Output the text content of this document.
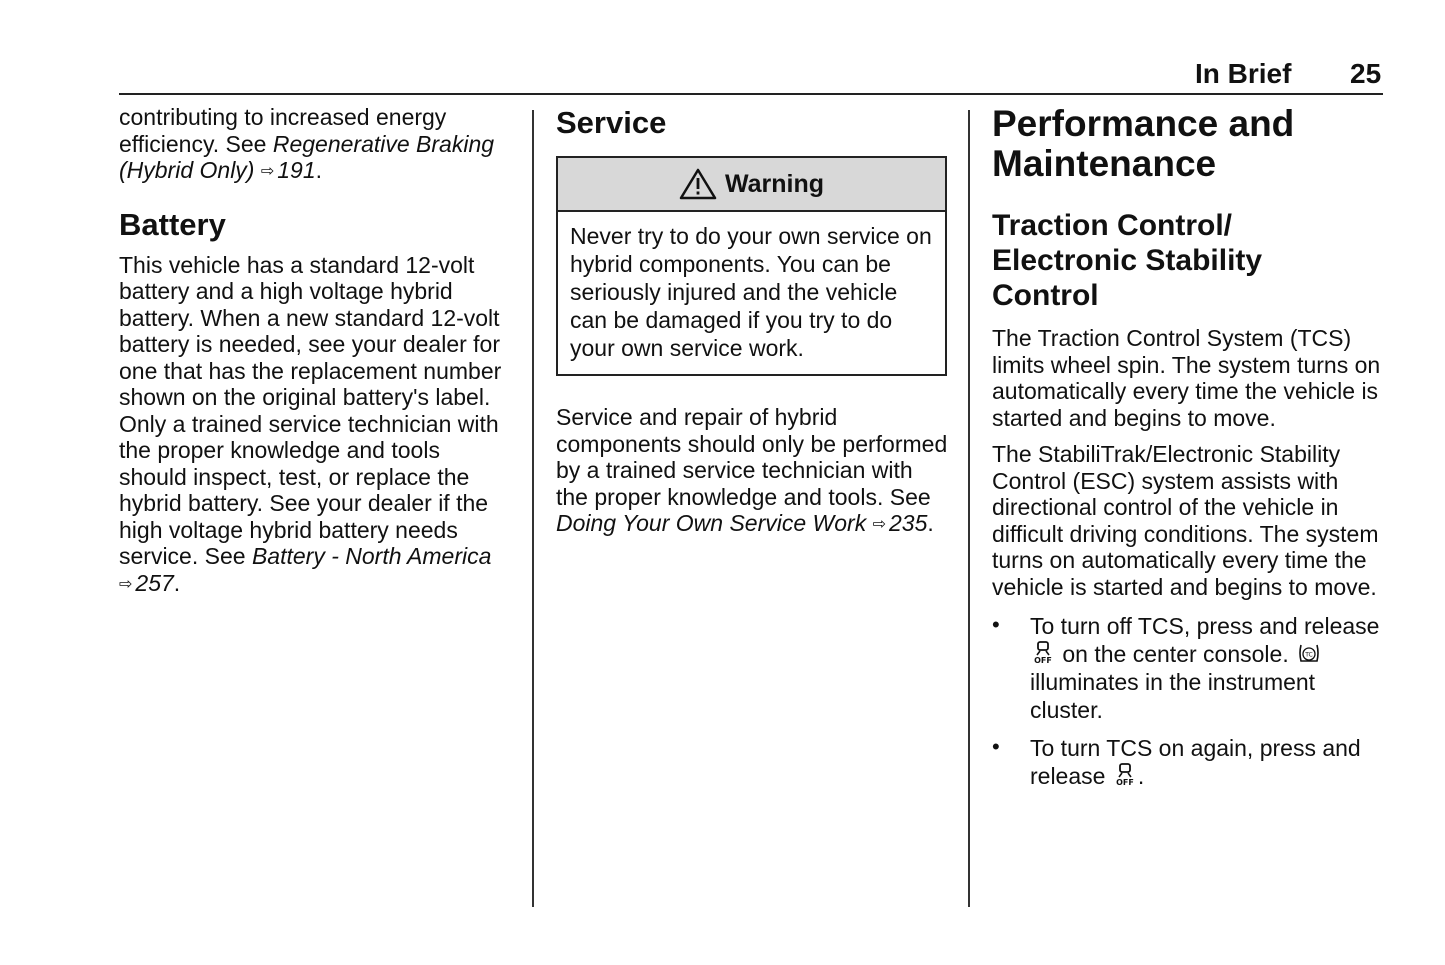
In Brief 25

contributing to increased energy efficiency. See Regenerative Braking (Hybrid Only) ⇨ 191.

Battery

This vehicle has a standard 12-volt battery and a high voltage hybrid battery. When a new standard 12-volt battery is needed, see your dealer for one that has the replacement number shown on the original battery's label. Only a trained service technician with the proper knowledge and tools should inspect, test, or replace the hybrid battery. See your dealer if the high voltage hybrid battery needs service. See Battery - North America ⇨ 257.

Service
Warning
Never try to do your own service on hybrid components. You can be seriously injured and the vehicle can be damaged if you try to do your own service work.

Service and repair of hybrid components should only be performed by a trained service technician with the proper knowledge and tools. See Doing Your Own Service Work ⇨ 235.

Performance and Maintenance
Traction Control/ Electronic Stability Control

The Traction Control System (TCS) limits wheel spin. The system turns on automatically every time the vehicle is started and begins to move.

The StabiliTrak/Electronic Stability Control (ESC) system assists with directional control of the vehicle in difficult driving conditions. The system turns on automatically every time the vehicle is started and begins to move.

•	To turn off TCS, press and release
OFF on the center console.	TC
illuminates in the instrument cluster.
•	To turn TCS on again, press and release OFF .
